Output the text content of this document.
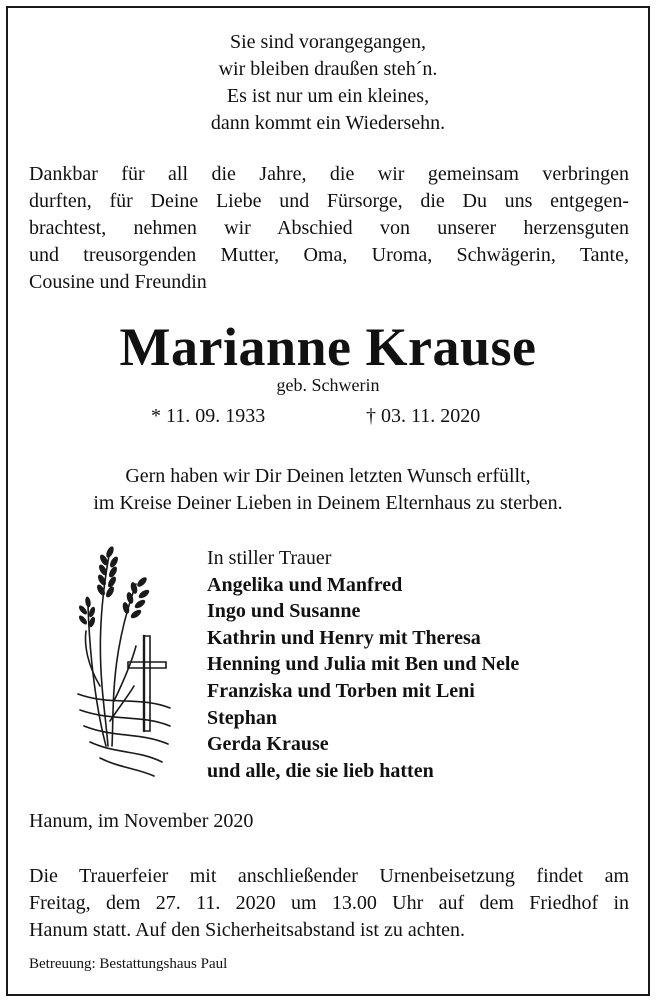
Sie sind vorangegangen,
wir bleiben draußen steh´n.
Es ist nur um ein kleines,
dann kommt ein Wiedersehn.
Dankbar für all die Jahre, die wir gemeinsam verbringen
durften, für Deine Liebe und Fürsorge, die Du uns entgegen-
brachtest, nehmen wir Abschied von unserer herzensguten
und treusorgenden Mutter, Oma, Uroma, Schwägerin, Tante,
Cousine und Freundin
Marianne Krause
geb. Schwerin
* 11. 09. 1933	† 03. 11. 2020
Gern haben wir Dir Deinen letzten Wunsch erfüllt,
im Kreise Deiner Lieben in Deinem Elternhaus zu sterben.
In stiller Trauer
Angelika und Manfred
Ingo und Susanne
Kathrin und Henry mit Theresa
Henning und Julia mit Ben und Nele
Franziska und Torben mit Leni
Stephan
Gerda Krause
und alle, die sie lieb hatten
Hanum, im November 2020
Die Trauerfeier mit anschließender Urnenbeisetzung findet am
Freitag, dem 27. 11. 2020 um 13.00 Uhr auf dem Friedhof in
Hanum statt. Auf den Sicherheitsabstand ist zu achten.
Betreuung: Bestattungshaus Paul
